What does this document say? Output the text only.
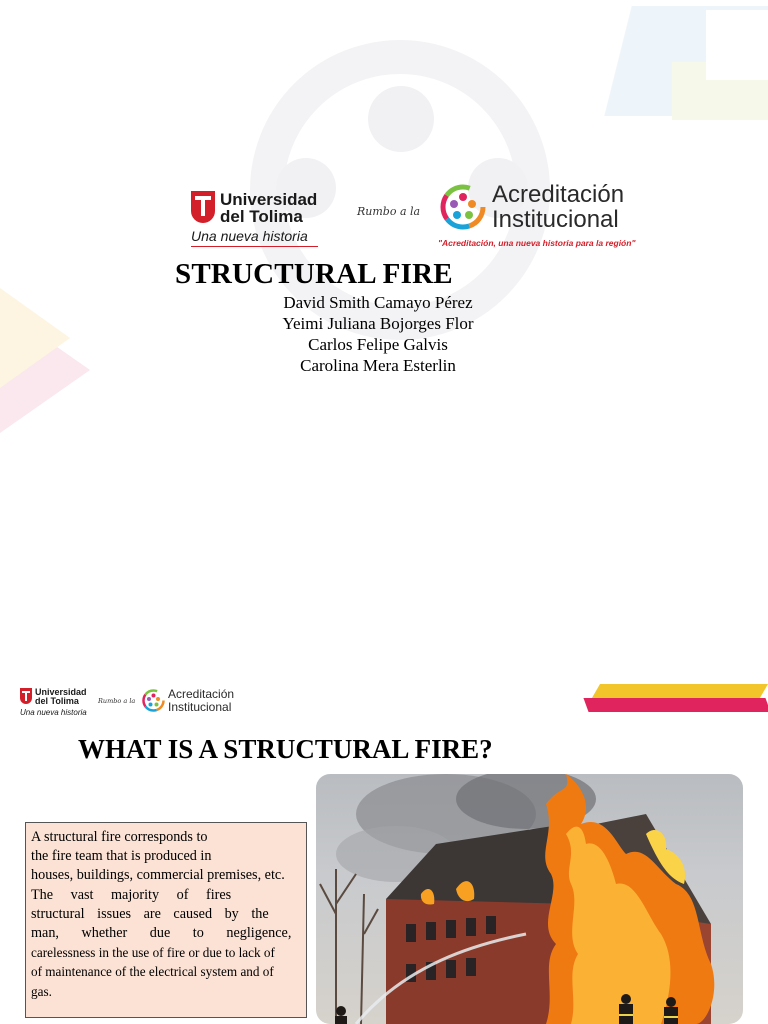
Universidad
del Tolima
Una nueva historia
Rumbo a la
Acreditación
Institucional
"Acreditación, una nueva historia para la región"
STRUCTURAL FIRE
David Smith Camayo Pérez
Yeimi Juliana Bojorges Flor
Carlos Felipe Galvis
Carolina Mera Esterlin
Universidad
del Tolima
Una nueva historia
Rumbo a la	Acreditación
Institucional
WHAT IS A STRUCTURAL FIRE?
A structural fire corresponds to
the fire team that is produced in
houses, buildings, commercial premises, etc.
The vast majority of fires
structural issues are caused by the
man, whether due to negligence,
carelessness in the use of fire or due to lack of
of maintenance of the electrical system and of
gas.
